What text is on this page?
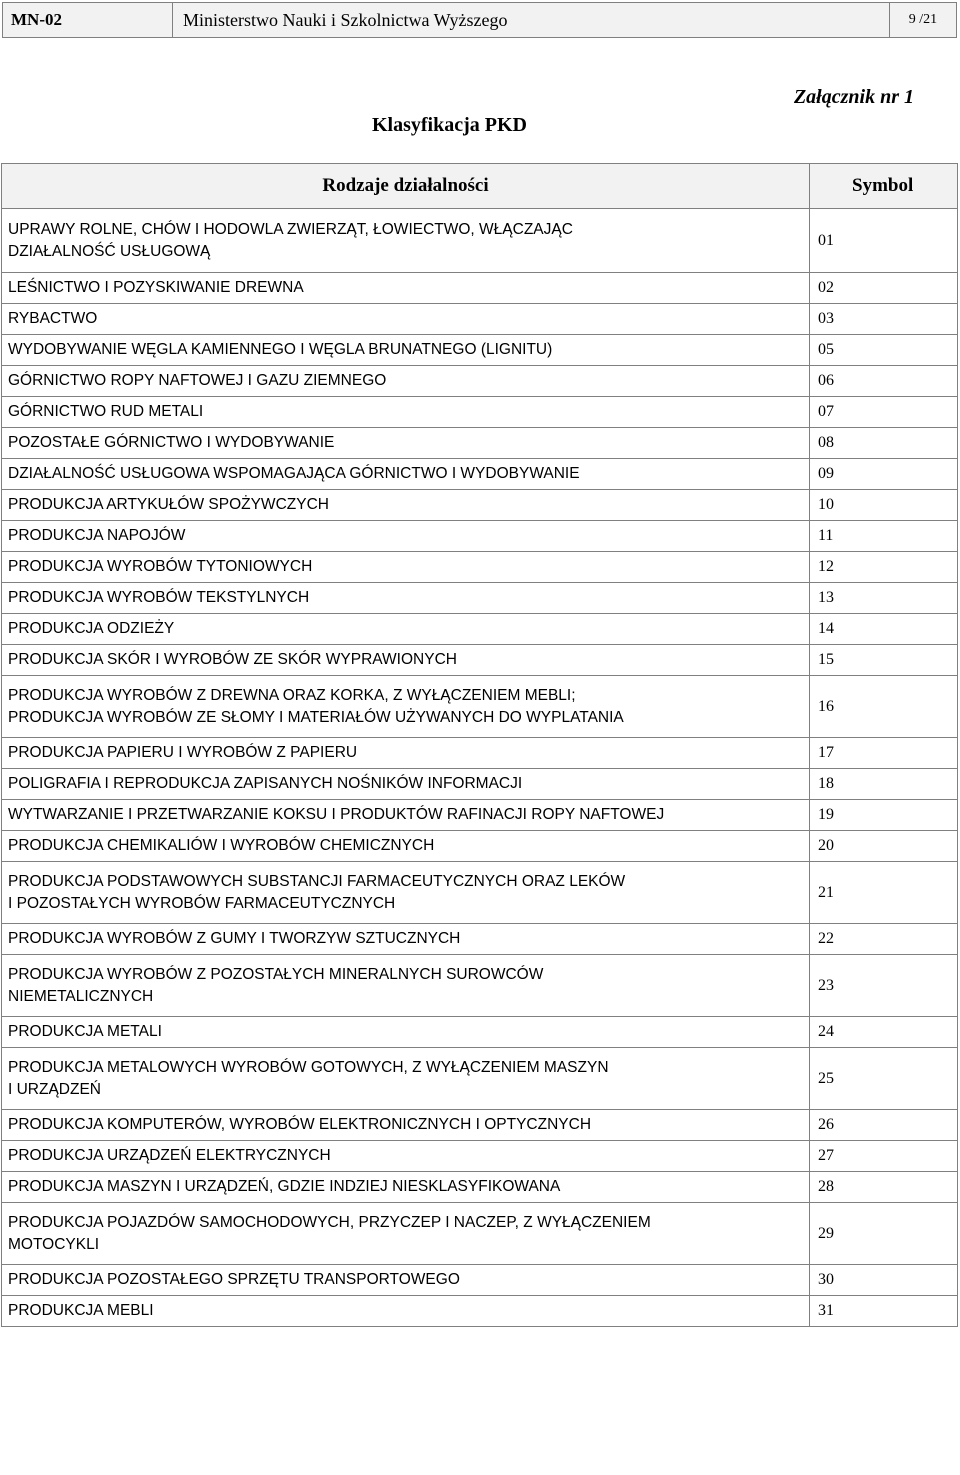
MN-02	Ministerstwo Nauki i Szkolnictwa Wyższego	9 /21
Załącznik nr 1
Klasyfikacja PKD
Rodzaje działalności	Symbol
UPRAWY ROLNE, CHÓW I HODOWLA ZWIERZĄT, ŁOWIECTWO, WŁĄCZAJĄC
DZIAŁALNOŚĆ USŁUGOWĄ	01
LEŚNICTWO I POZYSKIWANIE DREWNA	02
RYBACTWO	03
WYDOBYWANIE WĘGLA KAMIENNEGO I WĘGLA BRUNATNEGO (LIGNITU)	05
GÓRNICTWO ROPY NAFTOWEJ I GAZU ZIEMNEGO	06
GÓRNICTWO RUD METALI	07
POZOSTAŁE GÓRNICTWO I WYDOBYWANIE	08
DZIAŁALNOŚĆ USŁUGOWA WSPOMAGAJĄCA GÓRNICTWO I WYDOBYWANIE	09
PRODUKCJA ARTYKUŁÓW SPOŻYWCZYCH	10
PRODUKCJA NAPOJÓW	11
PRODUKCJA WYROBÓW TYTONIOWYCH	12
PRODUKCJA WYROBÓW TEKSTYLNYCH	13
PRODUKCJA ODZIEŻY	14
PRODUKCJA SKÓR I WYROBÓW ZE SKÓR WYPRAWIONYCH	15
PRODUKCJA WYROBÓW Z DREWNA ORAZ KORKA, Z WYŁĄCZENIEM MEBLI;
PRODUKCJA WYROBÓW ZE SŁOMY I MATERIAŁÓW UŻYWANYCH DO WYPLATANIA	16
PRODUKCJA PAPIERU I WYROBÓW Z PAPIERU	17
POLIGRAFIA I REPRODUKCJA ZAPISANYCH NOŚNIKÓW INFORMACJI	18
WYTWARZANIE I PRZETWARZANIE KOKSU I PRODUKTÓW RAFINACJI ROPY NAFTOWEJ	19
PRODUKCJA CHEMIKALIÓW I WYROBÓW CHEMICZNYCH	20
PRODUKCJA PODSTAWOWYCH SUBSTANCJI FARMACEUTYCZNYCH ORAZ LEKÓW
I POZOSTAŁYCH WYROBÓW FARMACEUTYCZNYCH	21
PRODUKCJA WYROBÓW Z GUMY I TWORZYW SZTUCZNYCH	22
PRODUKCJA WYROBÓW Z POZOSTAŁYCH MINERALNYCH SUROWCÓW
NIEMETALICZNYCH	23
PRODUKCJA METALI	24
PRODUKCJA METALOWYCH WYROBÓW GOTOWYCH, Z WYŁĄCZENIEM MASZYN
I URZĄDZEŃ	25
PRODUKCJA KOMPUTERÓW, WYROBÓW ELEKTRONICZNYCH I OPTYCZNYCH	26
PRODUKCJA URZĄDZEŃ ELEKTRYCZNYCH	27
PRODUKCJA MASZYN I URZĄDZEŃ, GDZIE INDZIEJ NIESKLASYFIKOWANA	28
PRODUKCJA POJAZDÓW SAMOCHODOWYCH, PRZYCZEP I NACZEP, Z WYŁĄCZENIEM
MOTOCYKLI	29
PRODUKCJA POZOSTAŁEGO SPRZĘTU TRANSPORTOWEGO	30
PRODUKCJA MEBLI	31
